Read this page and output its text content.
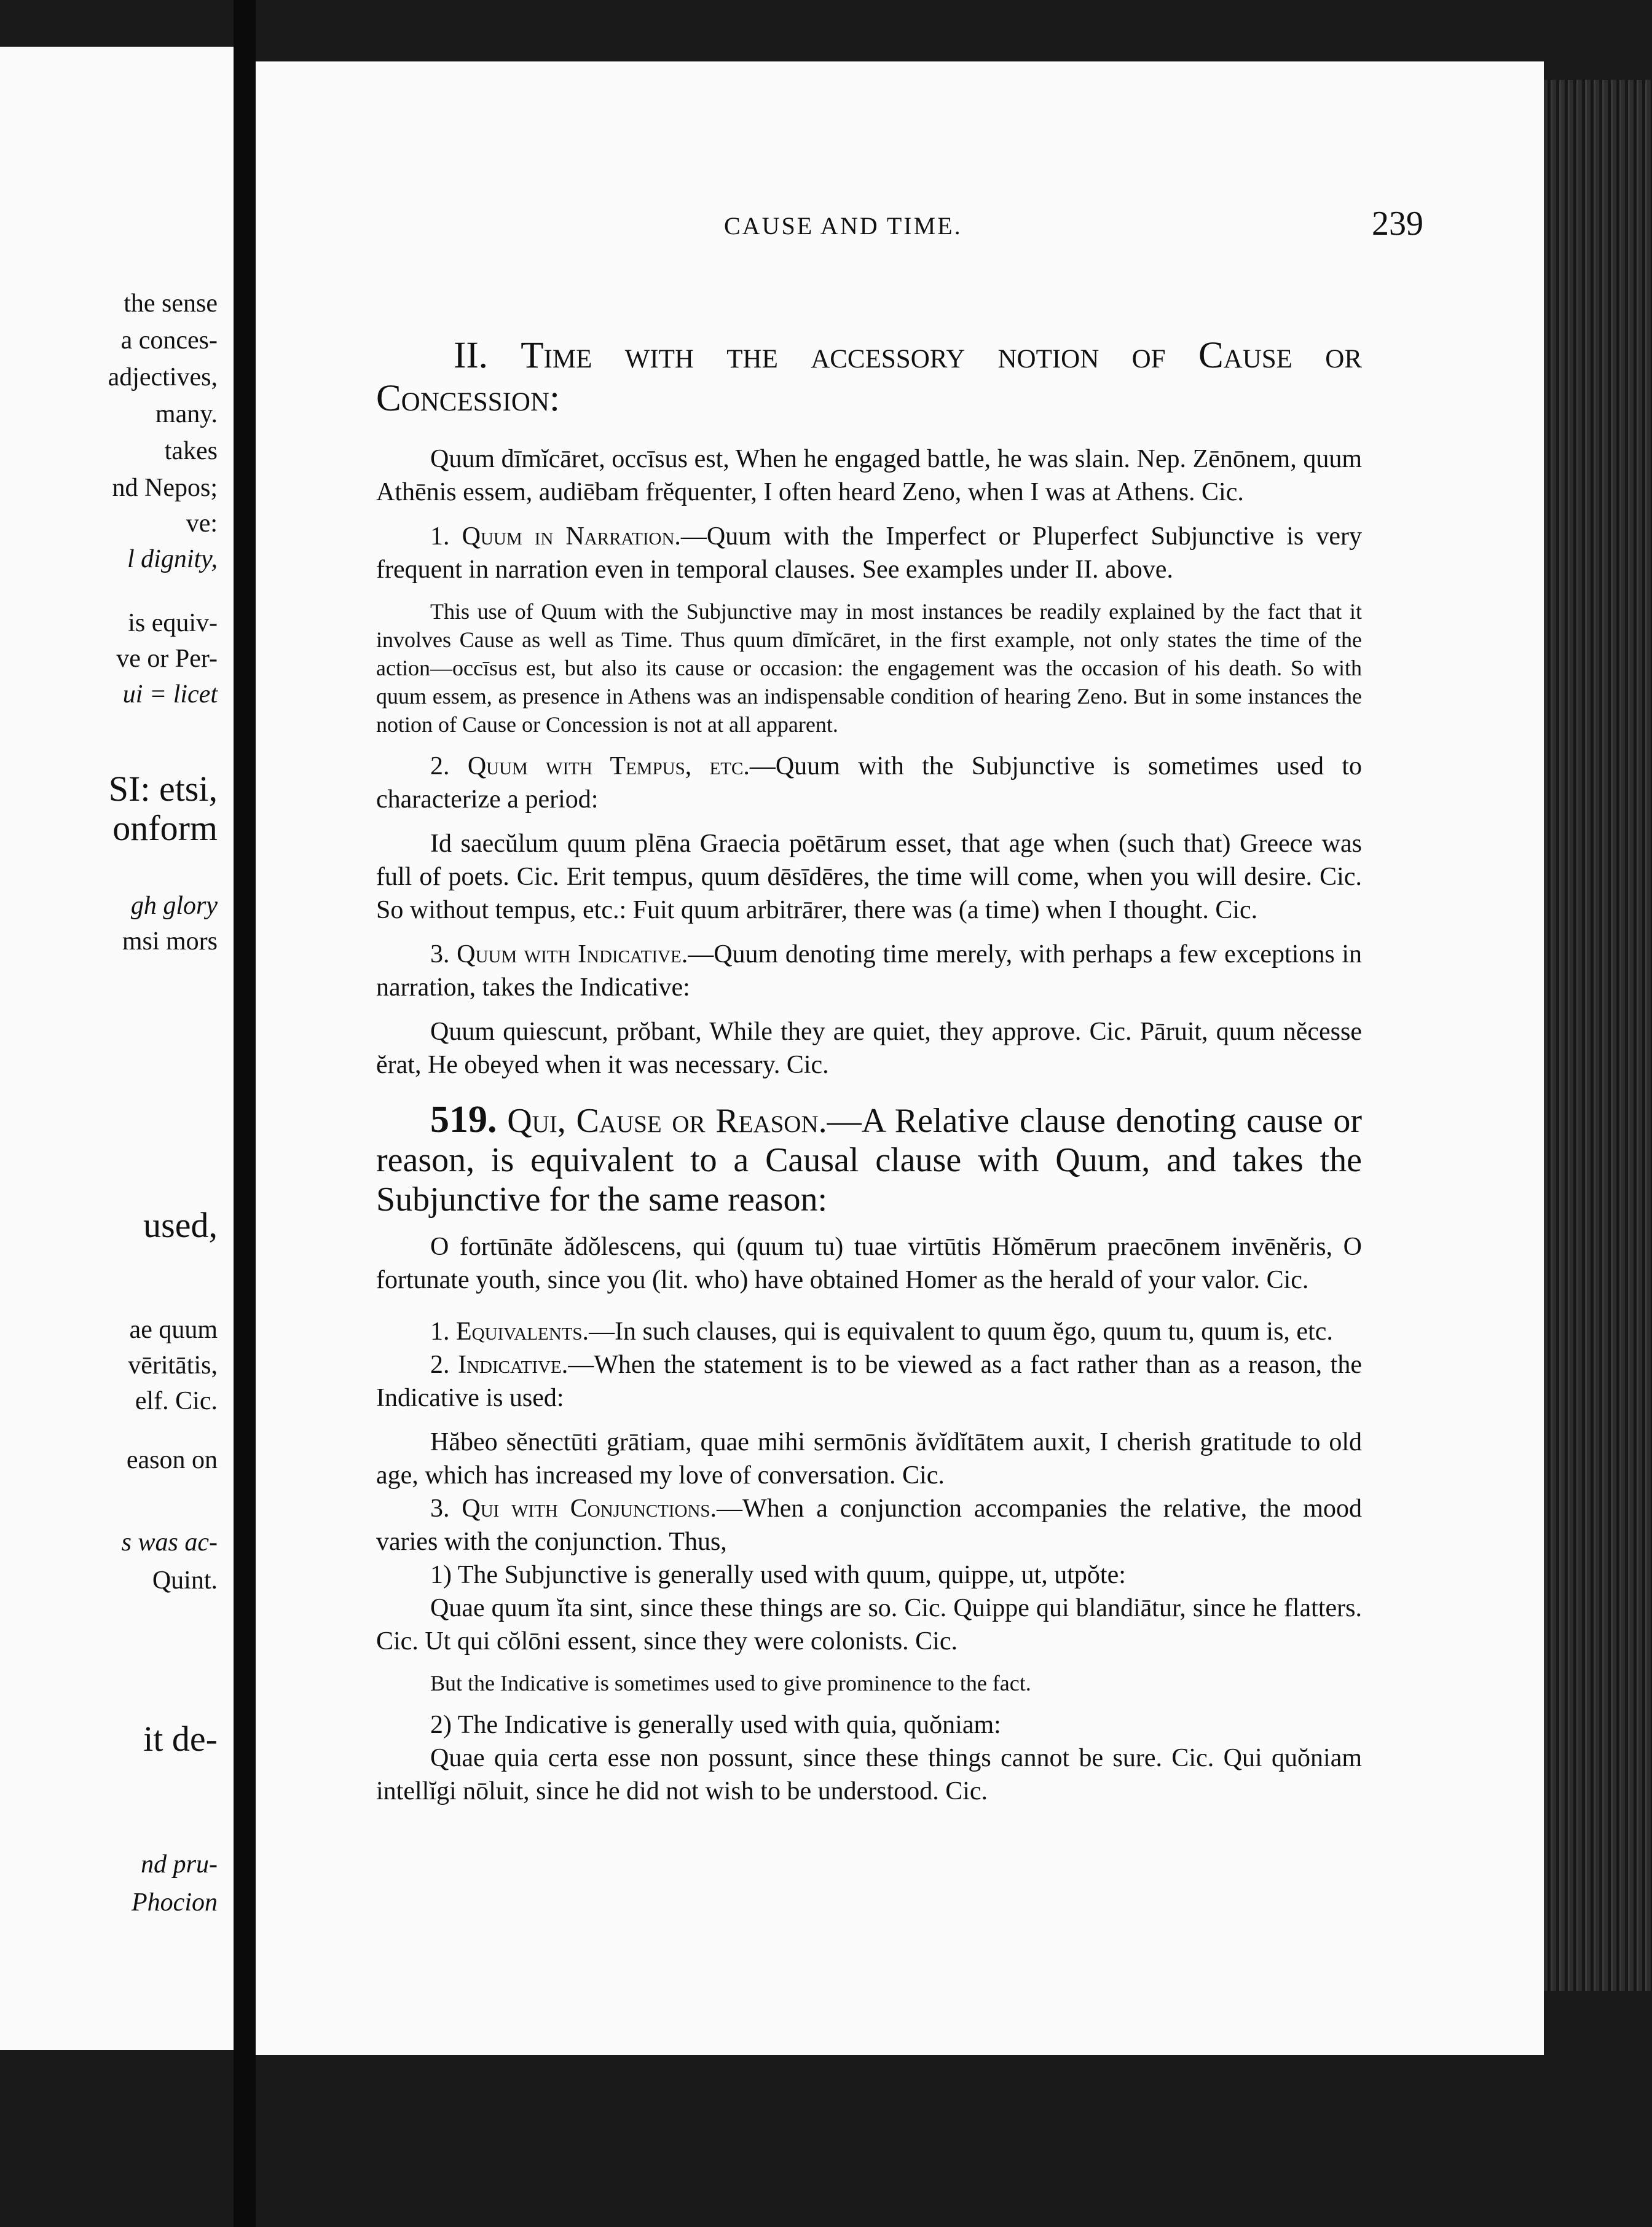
the sense
a conces-
adjectives,
many.
takes
nd Nepos;
ve:
l dignity,
is equiv-
ve or Per-
ui = licet
SI: etsi,
onform
gh glory
msi mors
used,
ae quum
vēritātis,
elf. Cic.
eason on
s was ac-
Quint.
it de-
nd pru-
Phocion
CAUSE AND TIME.	239

II. Time with the accessory notion of Cause or Concession:

Quum dīmĭcāret, occīsus est, When he engaged battle, he was slain. Nep. Zēnōnem, quum Athēnis essem, audiēbam frĕquenter, I often heard Zeno, when I was at Athens. Cic.

1. Quum in Narration.—Quum with the Imperfect or Pluperfect Subjunctive is very frequent in narration even in temporal clauses. See examples under II. above.

This use of Quum with the Subjunctive may in most instances be readily explained by the fact that it involves Cause as well as Time. Thus quum dīmĭcāret, in the first example, not only states the time of the action—occīsus est, but also its cause or occasion: the engagement was the occasion of his death. So with quum essem, as presence in Athens was an indispensable condition of hearing Zeno. But in some instances the notion of Cause or Concession is not at all apparent.

2. Quum with Tempus, etc.—Quum with the Subjunctive is sometimes used to characterize a period:

Id saecŭlum quum plēna Graecia poētārum esset, that age when (such that) Greece was full of poets. Cic. Erit tempus, quum dēsīdēres, the time will come, when you will desire. Cic. So without tempus, etc.: Fuit quum arbitrārer, there was (a time) when I thought. Cic.

3. Quum with Indicative.—Quum denoting time merely, with perhaps a few exceptions in narration, takes the Indicative:

Quum quiescunt, prŏbant, While they are quiet, they approve. Cic. Pāruit, quum nĕcesse ĕrat, He obeyed when it was necessary. Cic.

519. Qui, Cause or Reason.—A Relative clause denoting cause or reason, is equivalent to a Causal clause with Quum, and takes the Subjunctive for the same reason:

O fortūnāte ădŏlescens, qui (quum tu) tuae virtūtis Hŏmērum praecōnem invēnĕris, O fortunate youth, since you (lit. who) have obtained Homer as the herald of your valor. Cic.

1. Equivalents.—In such clauses, qui is equivalent to quum ĕgo, quum tu, quum is, etc.

2. Indicative.—When the statement is to be viewed as a fact rather than as a reason, the Indicative is used:

Hăbeo sĕnectūti grātiam, quae mihi sermōnis ăvĭdĭtātem auxit, I cherish gratitude to old age, which has increased my love of conversation. Cic.

3. Qui with Conjunctions.—When a conjunction accompanies the relative, the mood varies with the conjunction. Thus,

1) The Subjunctive is generally used with quum, quippe, ut, utpŏte:

Quae quum ĭta sint, since these things are so. Cic. Quippe qui blandiātur, since he flatters. Cic. Ut qui cŏlōni essent, since they were colonists. Cic.

But the Indicative is sometimes used to give prominence to the fact.

2) The Indicative is generally used with quia, quŏniam:

Quae quia certa esse non possunt, since these things cannot be sure. Cic. Qui quŏniam intellĭgi nōluit, since he did not wish to be understood. Cic.
